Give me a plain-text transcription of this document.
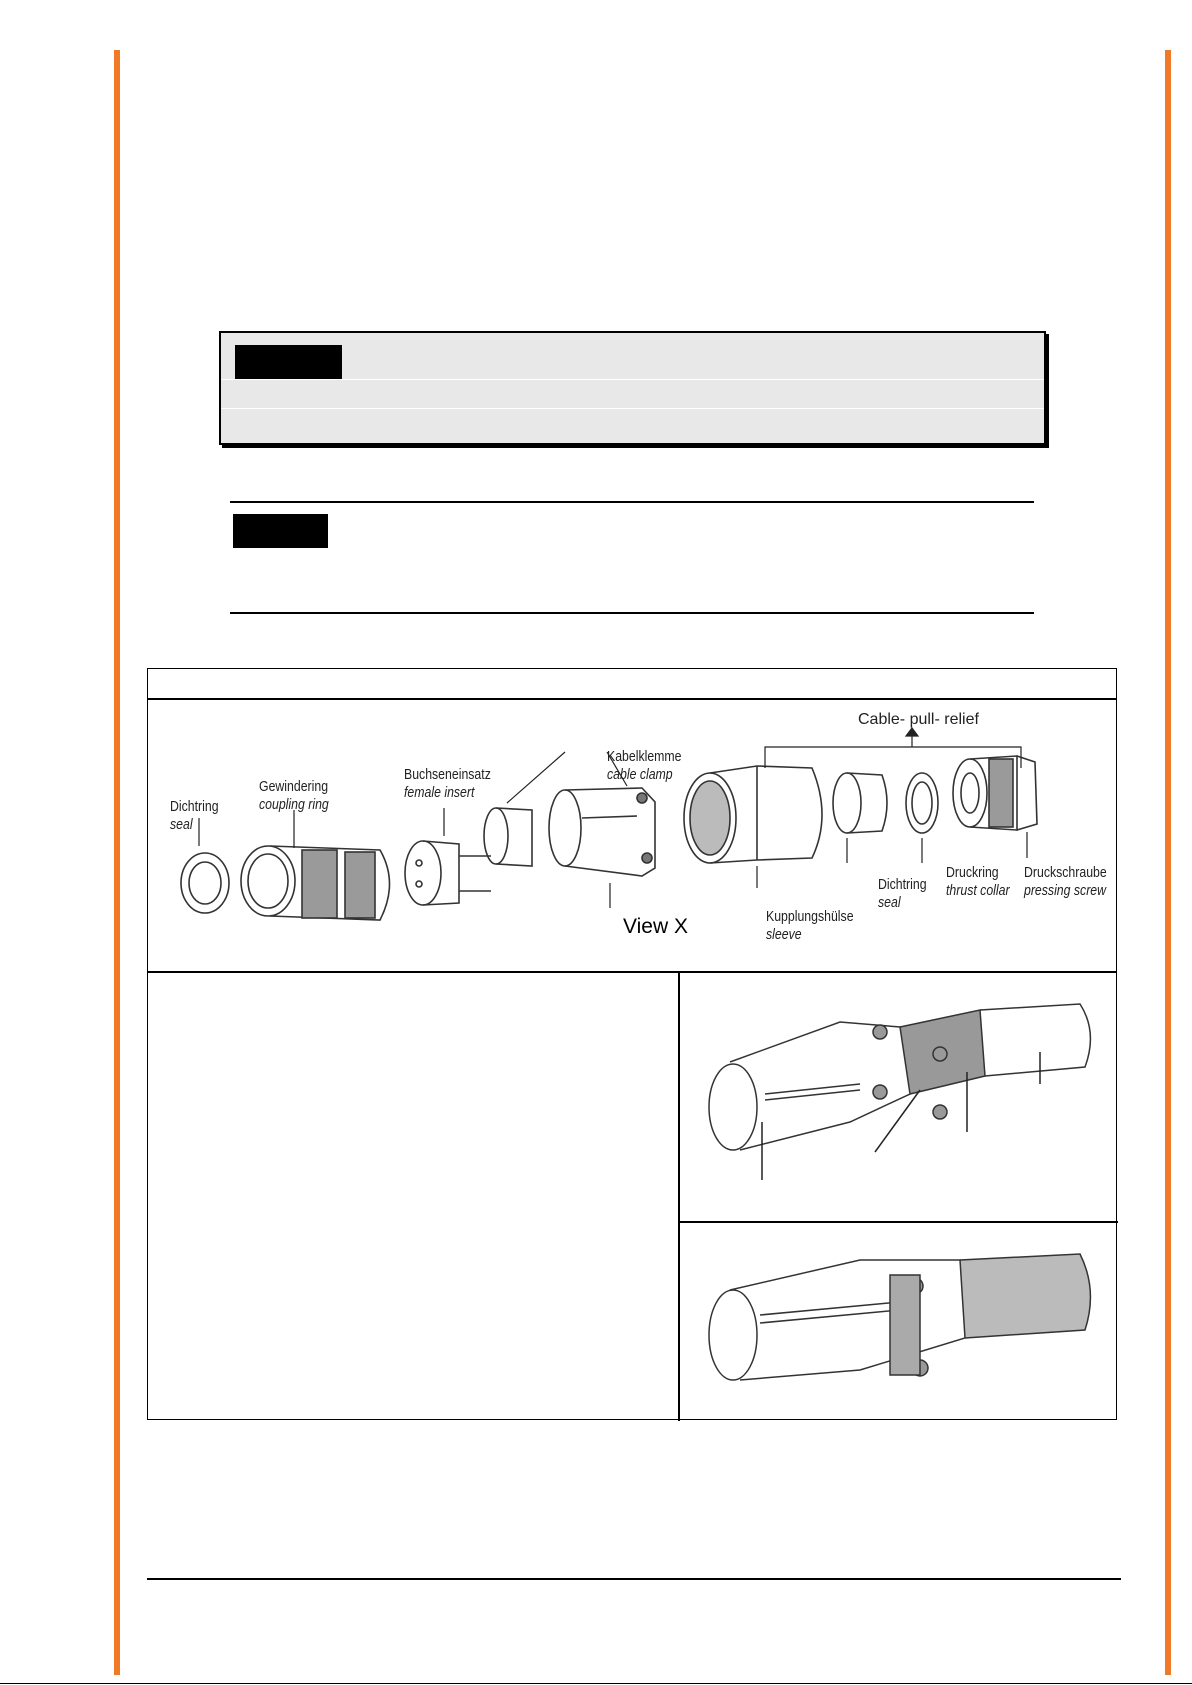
Cable- pull- relief
View X
Dichtring
seal
Gewindering
coupling ring
Buchseneinsatz
female insert
Kabelklemme
cable clamp
Kupplungshülse
sleeve
Dichtring
seal
Druckring
thrust collar
Druckschraube
pressing screw
